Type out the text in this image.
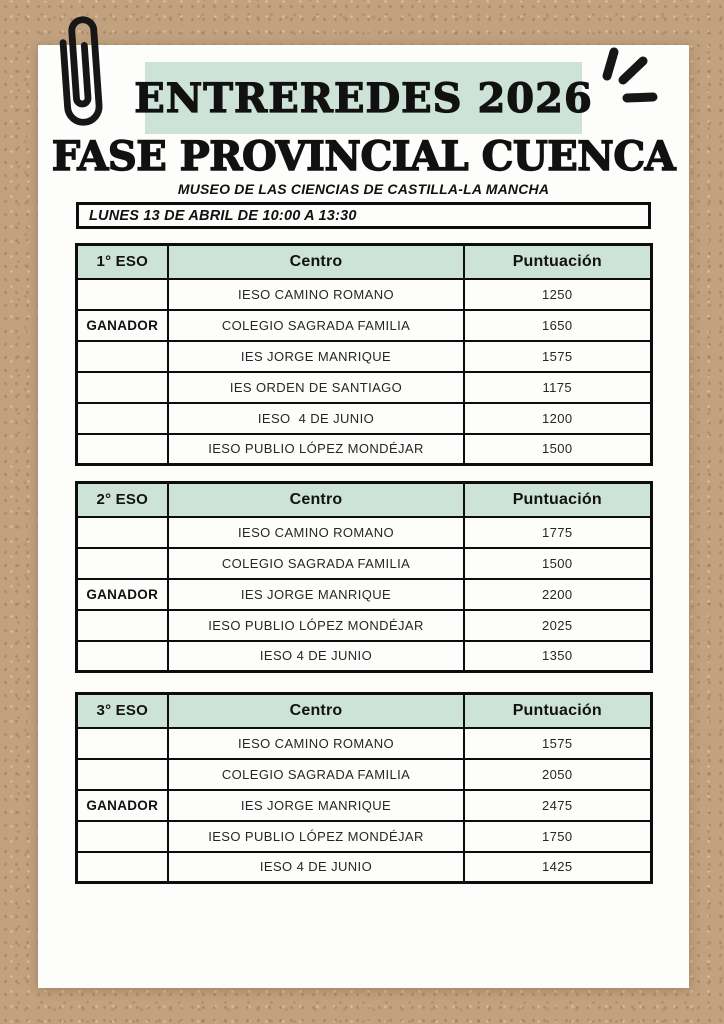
ENTREREDES 2026
FASE PROVINCIAL CUENCA
MUSEO DE LAS CIENCIAS DE CASTILLA-LA MANCHA
LUNES 13 DE ABRIL DE 10:00 A 13:30
1° ESO	Centro	Puntuación
	IESO CAMINO ROMANO	1250
GANADOR	COLEGIO SAGRADA FAMILIA	1650
	IES JORGE MANRIQUE	1575
	IES ORDEN DE SANTIAGO	1175
	IESO  4 DE JUNIO	1200
	IESO PUBLIO LÓPEZ MONDÉJAR	1500
2° ESO	Centro	Puntuación
	IESO CAMINO ROMANO	1775
	COLEGIO SAGRADA FAMILIA	1500
GANADOR	IES JORGE MANRIQUE	2200
	IESO PUBLIO LÓPEZ MONDÉJAR	2025
	IESO 4 DE JUNIO	1350
3° ESO	Centro	Puntuación
	IESO CAMINO ROMANO	1575
	COLEGIO SAGRADA FAMILIA	2050
GANADOR	IES JORGE MANRIQUE	2475
	IESO PUBLIO LÓPEZ MONDÉJAR	1750
	IESO 4 DE JUNIO	1425
